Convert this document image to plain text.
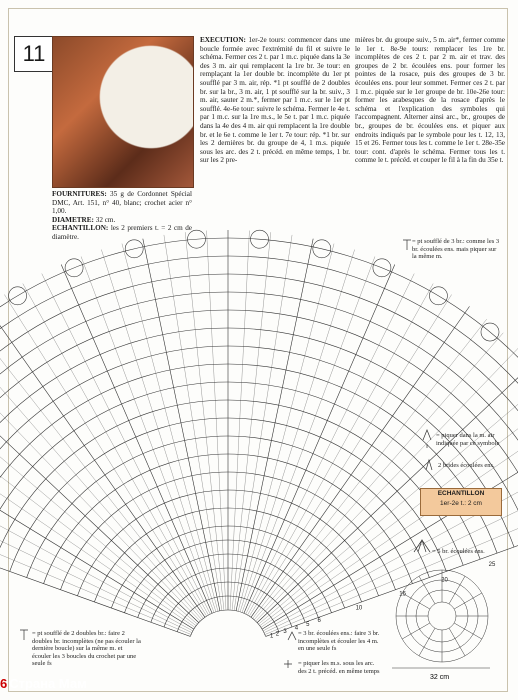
11
FOURNITURES: 35 g de Cordonnet Spécial DMC, Art. 151, n° 40, blanc; crochet acier n° 1,00.
DIAMETRE: 32 cm.
ECHANTILLON: les 2 premiers t. = 2 cm de diamètre.
EXECUTION: 1er-2e tours: commencer dans une boucle formée avec l'extrémité du fil et suivre le schéma. Fermer ces 2 t. par 1 m.c. piquée dans la 3e des 3 m. air qui remplacent la 1re br. 3e tour: en remplaçant la 1er double br. incomplète du 1er pt soufflé par 3 m. air, rép. *1 pt soufflé de 2 doubles br. sur la br., 3 m. air, 1 pt soufflé sur la br. suiv., 3 m. air, sauter 2 m.*, fermer par 1 m.c. sur le 1er pt soufflé. 4e-6e tour: suivre le schéma. Fermer le 4e t. par 1 m.c. sur la 1re m.s., le 5e t. par 1 m.c. piquée dans la 4e des 4 m. air qui remplacent la 1re double br. et le 6e t. comme le 1er t. 7e tour: rép. *1 br. sur les 2 dernières br. du groupe de 4, 1 m.s. piquée sous les arc. des 2 t. précéd. en même temps, 1 br. sur les 2 pre-
mières br. du groupe suiv., 5 m. air*, fermer comme le 1er t. 8e-9e tours: remplacer les 1re br. incomplètes de ces 2 t. par 2 m. air et trav. des groupes de 2 br. écoulées ens. pour former les pointes de la rosace, puis des groupes de 3 br. écoulées ens. pour leur sommet. Fermer ces 2 t. par 1 m.c. piquée sur le 1er groupe de br. 10e-26e tour: former les arabesques de la rosace d'après le schéma et l'explication des symboles qui l'accompagnent. Alterner ainsi arc., br., groupes de br., groupes de br. écoulées ens. et piquer aux endroits indiqués par le symbole pour les t. 12, 13, 15 et 26. Fermer tous les t. comme le 1er t. 28e-35e tour: cont. d'après le schéma. Fermer tous les t. comme le t. précéd. et couper le fil à la fin du 35e t.
25
20
15
10
6
5
4
3
2
1
32 cm
= pt soufflé de 3 br.: comme les 3 br. écoulées ens. mais piquer sur la même m.
= piquer dans la m. air indiquée par ce symbole
2 brides écoulées ens.
ECHANTILLON
1er-2e t.: 2 cm
= 5 br. écoulées ens.
= pt soufflé de 2 doubles br.: faire 2 doubles br. incomplètes (ne pas écouler la dernière boucle) sur la même m. et écouler les 3 boucles du crochet par une seule fs
= 3 br. écoulées ens.: faire 3 br. incomplètes et écouler les 4 m. en une seule fs
= piquer les m.s. sous les arc. des 2 t. précéd. en même temps
6 Страна Мам
